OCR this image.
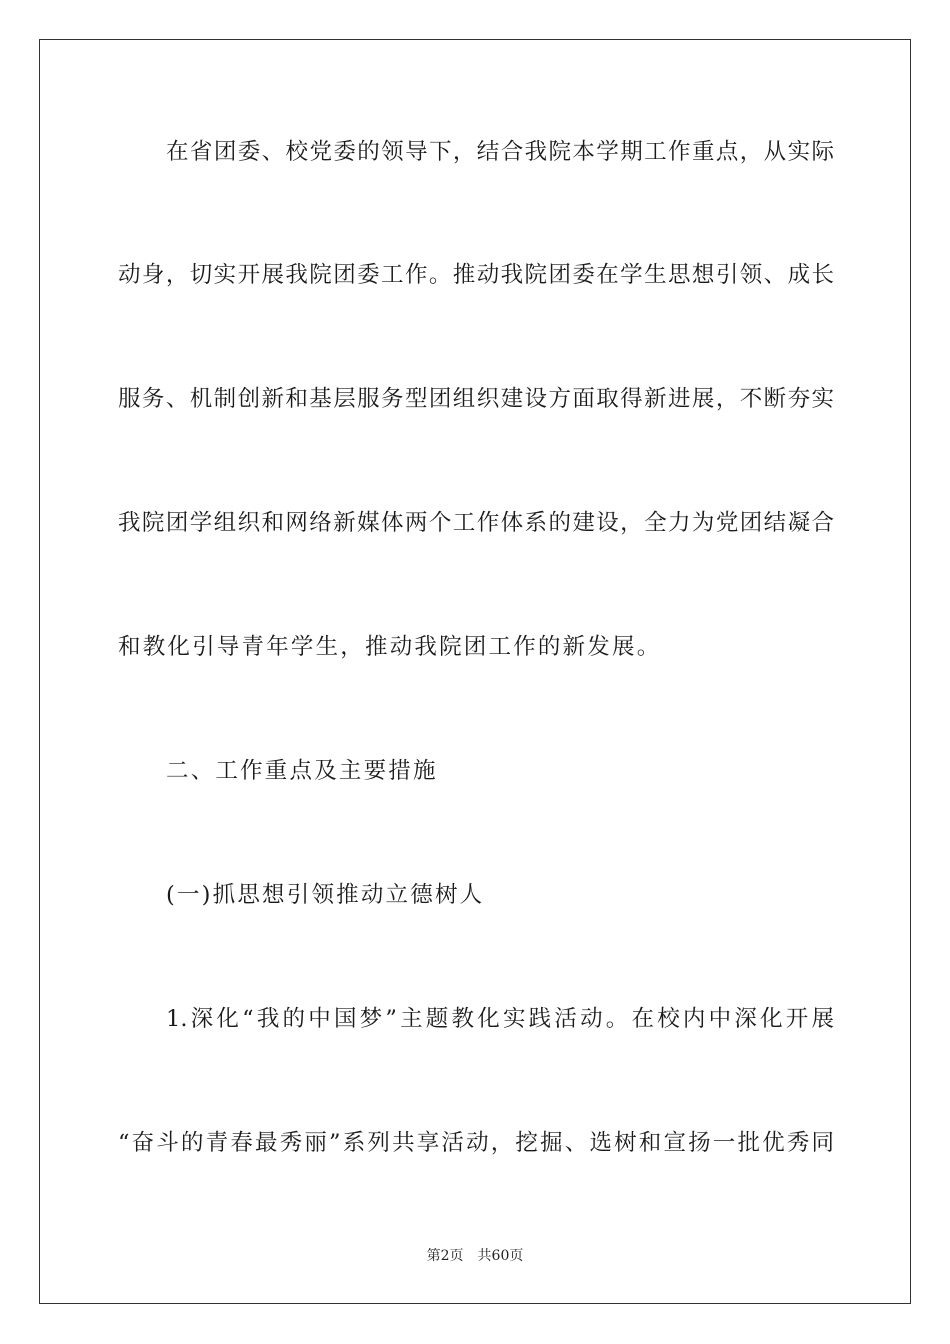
在省团委、校党委的领导下，结合我院本学期工作重点，从实际
动身，切实开展我院团委工作。推动我院团委在学生思想引领、成长
服务、机制创新和基层服务型团组织建设方面取得新进展，不断夯实
我院团学组织和网络新媒体两个工作体系的建设，全力为党团结凝合
和教化引导青年学生，推动我院团工作的新发展。
二、工作重点及主要措施
(一)抓思想引领推动立德树人
1.深化“我的中国梦”主题教化实践活动。在校内中深化开展
“奋斗的青春最秀丽”系列共享活动，挖掘、选树和宣扬一批优秀同
第2页 共60页
